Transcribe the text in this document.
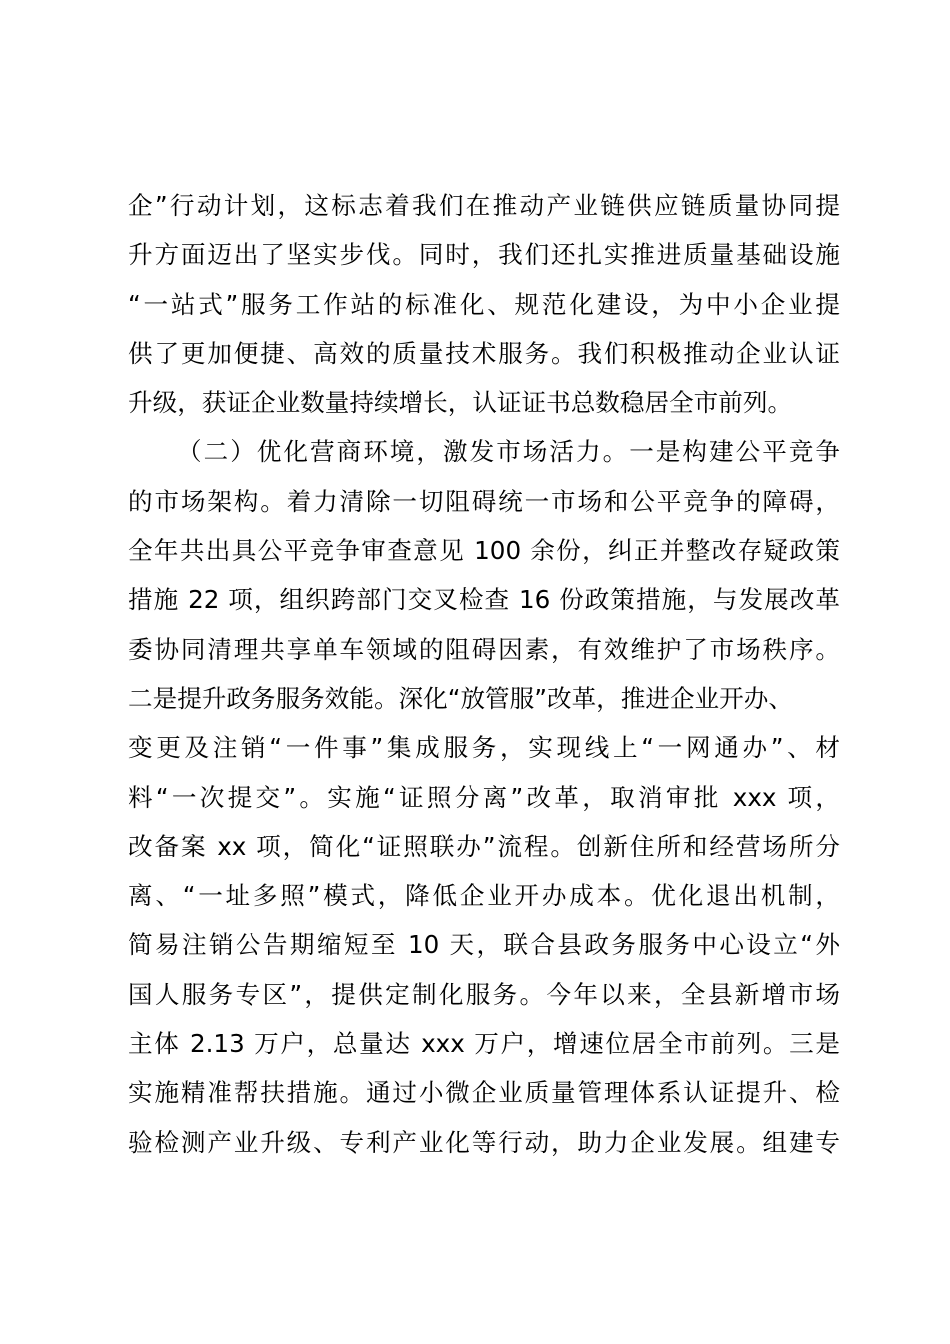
企”行动计划，这标志着我们在推动产业链供应链质量协同提
升方面迈出了坚实步伐。同时，我们还扎实推进质量基础设施
“一站式”服务工作站的标准化、规范化建设，为中小企业提
供了更加便捷、高效的质量技术服务。我们积极推动企业认证
升级，获证企业数量持续增长，认证证书总数稳居全市前列。
（二）优化营商环境，激发市场活力。一是构建公平竞争
的市场架构。着力清除一切阻碍统一市场和公平竞争的障碍，
全年共出具公平竞争审查意见 100 余份，纠正并整改存疑政策
措施 22 项，组织跨部门交叉检查 16 份政策措施，与发展改革
委协同清理共享单车领域的阻碍因素，有效维护了市场秩序。
二是提升政务服务效能。深化“放管服”改革，推进企业开办、
变更及注销“一件事”集成服务，实现线上“一网通办”、材
料“一次提交”。实施“证照分离”改革，取消审批 xxx 项，
改备案 xx 项，简化“证照联办”流程。创新住所和经营场所分
离、“一址多照”模式，降低企业开办成本。优化退出机制，
简易注销公告期缩短至 10 天，联合县政务服务中心设立“外
国人服务专区”，提供定制化服务。今年以来，全县新增市场
主体 2.13 万户，总量达 xxx 万户，增速位居全市前列。三是
实施精准帮扶措施。通过小微企业质量管理体系认证提升、检
验检测产业升级、专利产业化等行动，助力企业发展。组建专
